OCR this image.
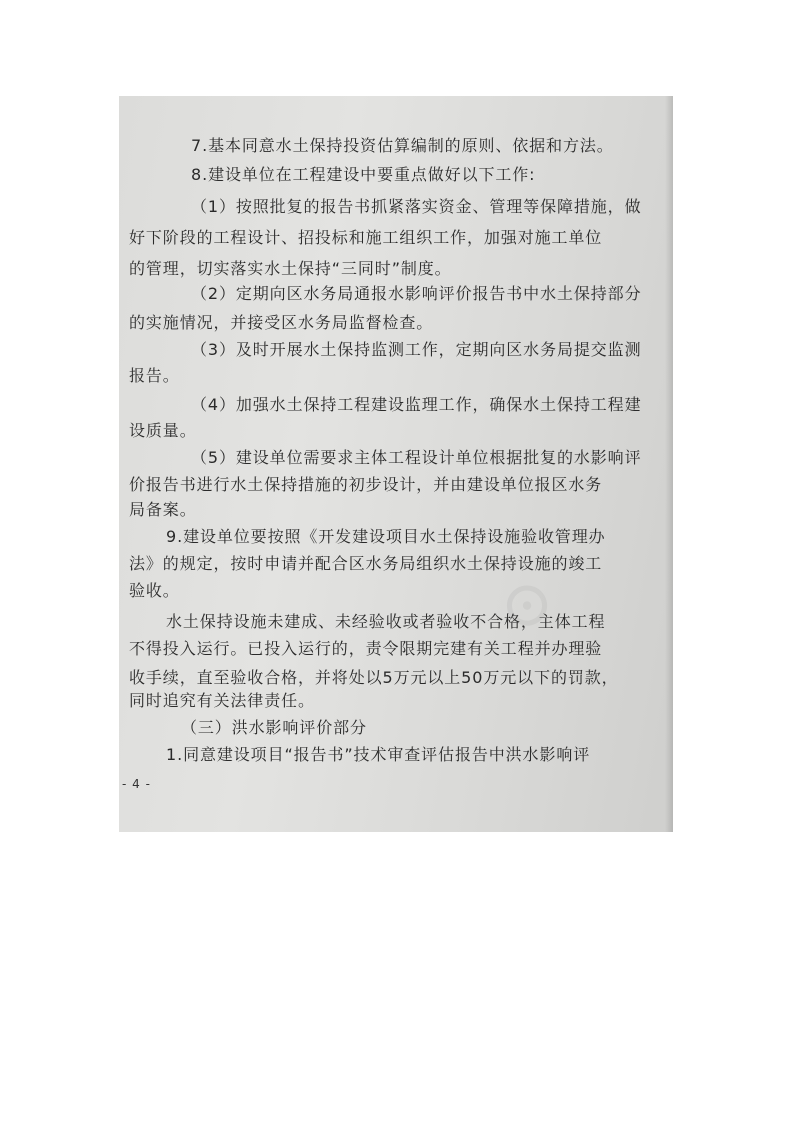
⊙
7.基本同意水土保持投资估算编制的原则、依据和方法。
8.建设单位在工程建设中要重点做好以下工作:
（1）按照批复的报告书抓紧落实资金、管理等保障措施，做
好下阶段的工程设计、招投标和施工组织工作，加强对施工单位
的管理，切实落实水土保持“三同时”制度。
（2）定期向区水务局通报水影响评价报告书中水土保持部分
的实施情况，并接受区水务局监督检查。
（3）及时开展水土保持监测工作，定期向区水务局提交监测
报告。
（4）加强水土保持工程建设监理工作，确保水土保持工程建
设质量。
（5）建设单位需要求主体工程设计单位根据批复的水影响评
价报告书进行水土保持措施的初步设计，并由建设单位报区水务
局备案。
9.建设单位要按照《开发建设项目水土保持设施验收管理办
法》的规定，按时申请并配合区水务局组织水土保持设施的竣工
验收。
水土保持设施未建成、未经验收或者验收不合格，主体工程
不得投入运行。已投入运行的，责令限期完建有关工程并办理验
收手续，直至验收合格，并将处以5万元以上50万元以下的罚款，
同时追究有关法律责任。
（三）洪水影响评价部分
1.同意建设项目“报告书”技术审查评估报告中洪水影响评
- 4 -
